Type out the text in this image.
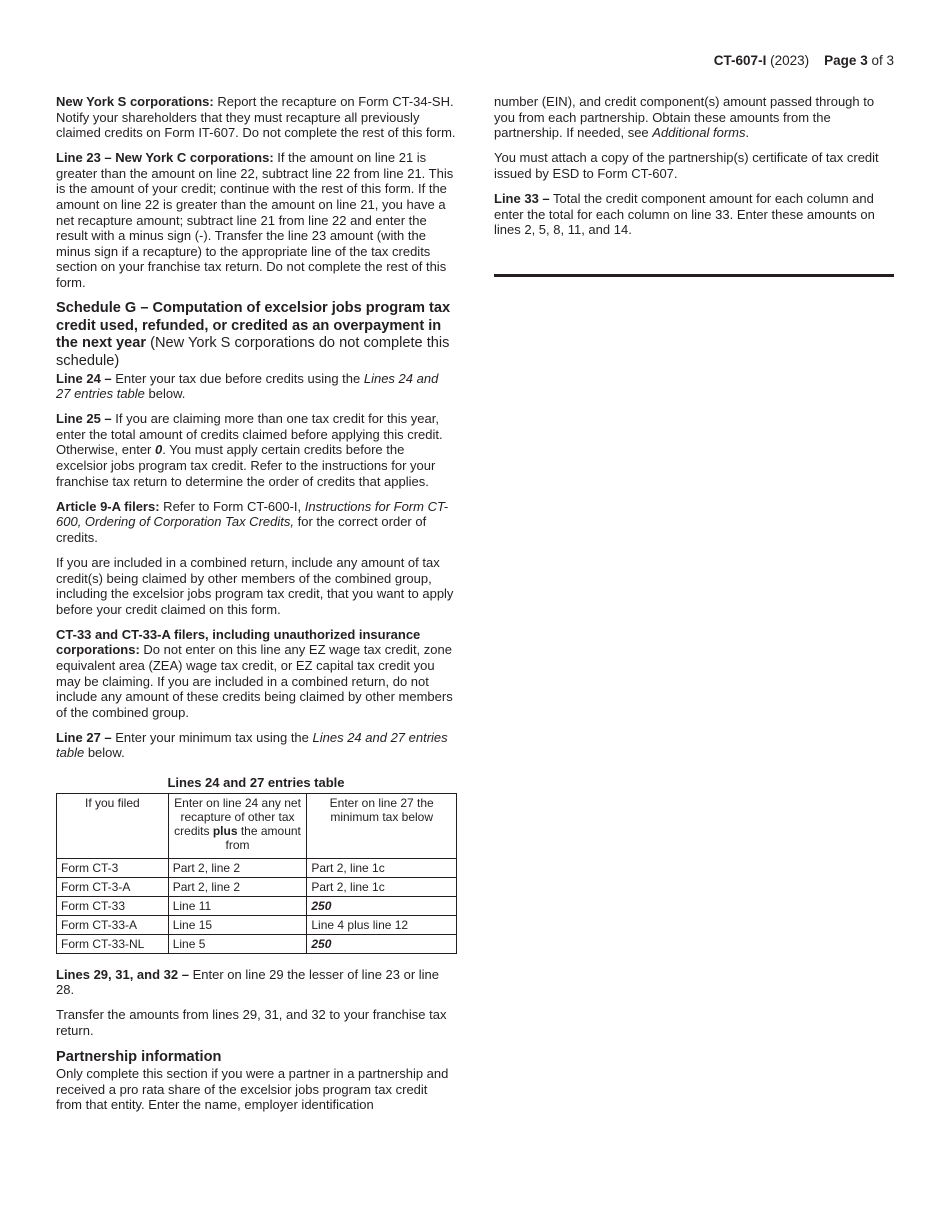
CT-607-I (2023) Page 3 of 3

New York S corporations: Report the recapture on Form CT-34-SH. Notify your shareholders that they must recapture all previously claimed credits on Form IT-607. Do not complete the rest of this form.

Line 23 – New York C corporations: If the amount on line 21 is greater than the amount on line 22, subtract line 22 from line 21. This is the amount of your credit; continue with the rest of this form. If the amount on line 22 is greater than the amount on line 21, you have a net recapture amount; subtract line 21 from line 22 and enter the result with a minus sign (-). Transfer the line 23 amount (with the minus sign if a recapture) to the appropriate line of the tax credits section on your franchise tax return. Do not complete the rest of this form.

Schedule G – Computation of excelsior jobs program tax credit used, refunded, or credited as an overpayment in the next year (New York S corporations do not complete this schedule)

Line 24 – Enter your tax due before credits using the Lines 24 and 27 entries table below.

Line 25 – If you are claiming more than one tax credit for this year, enter the total amount of credits claimed before applying this credit. Otherwise, enter 0. You must apply certain credits before the excelsior jobs program tax credit. Refer to the instructions for your franchise tax return to determine the order of credits that applies.

Article 9-A filers: Refer to Form CT-600-I, Instructions for Form CT-600, Ordering of Corporation Tax Credits, for the correct order of credits.

If you are included in a combined return, include any amount of tax credit(s) being claimed by other members of the combined group, including the excelsior jobs program tax credit, that you want to apply before your credit claimed on this form.

CT-33 and CT-33-A filers, including unauthorized insurance corporations: Do not enter on this line any EZ wage tax credit, zone equivalent area (ZEA) wage tax credit, or EZ capital tax credit you may be claiming. If you are included in a combined return, do not include any amount of these credits being claimed by other members of the combined group.

Line 27 – Enter your minimum tax using the Lines 24 and 27 entries table below.

Lines 24 and 27 entries table
If you filed	Enter on line 24 any net recapture of other tax credits plus the amount from	Enter on line 27 the minimum tax below
Form CT-3	Part 2, line 2	Part 2, line 1c
Form CT-3-A	Part 2, line 2	Part 2, line 1c
Form CT-33	Line 11	250
Form CT-33-A	Line 15	Line 4 plus line 12
Form CT-33-NL	Line 5	250

Lines 29, 31, and 32 – Enter on line 29 the lesser of line 23 or line 28.

Transfer the amounts from lines 29, 31, and 32 to your franchise tax return.

Partnership information

Only complete this section if you were a partner in a partnership and received a pro rata share of the excelsior jobs program tax credit from that entity. Enter the name, employer identification

number (EIN), and credit component(s) amount passed through to you from each partnership. Obtain these amounts from the partnership. If needed, see Additional forms.

You must attach a copy of the partnership(s) certificate of tax credit issued by ESD to Form CT-607.

Line 33 – Total the credit component amount for each column and enter the total for each column on line 33. Enter these amounts on lines 2, 5, 8, 11, and 14.
